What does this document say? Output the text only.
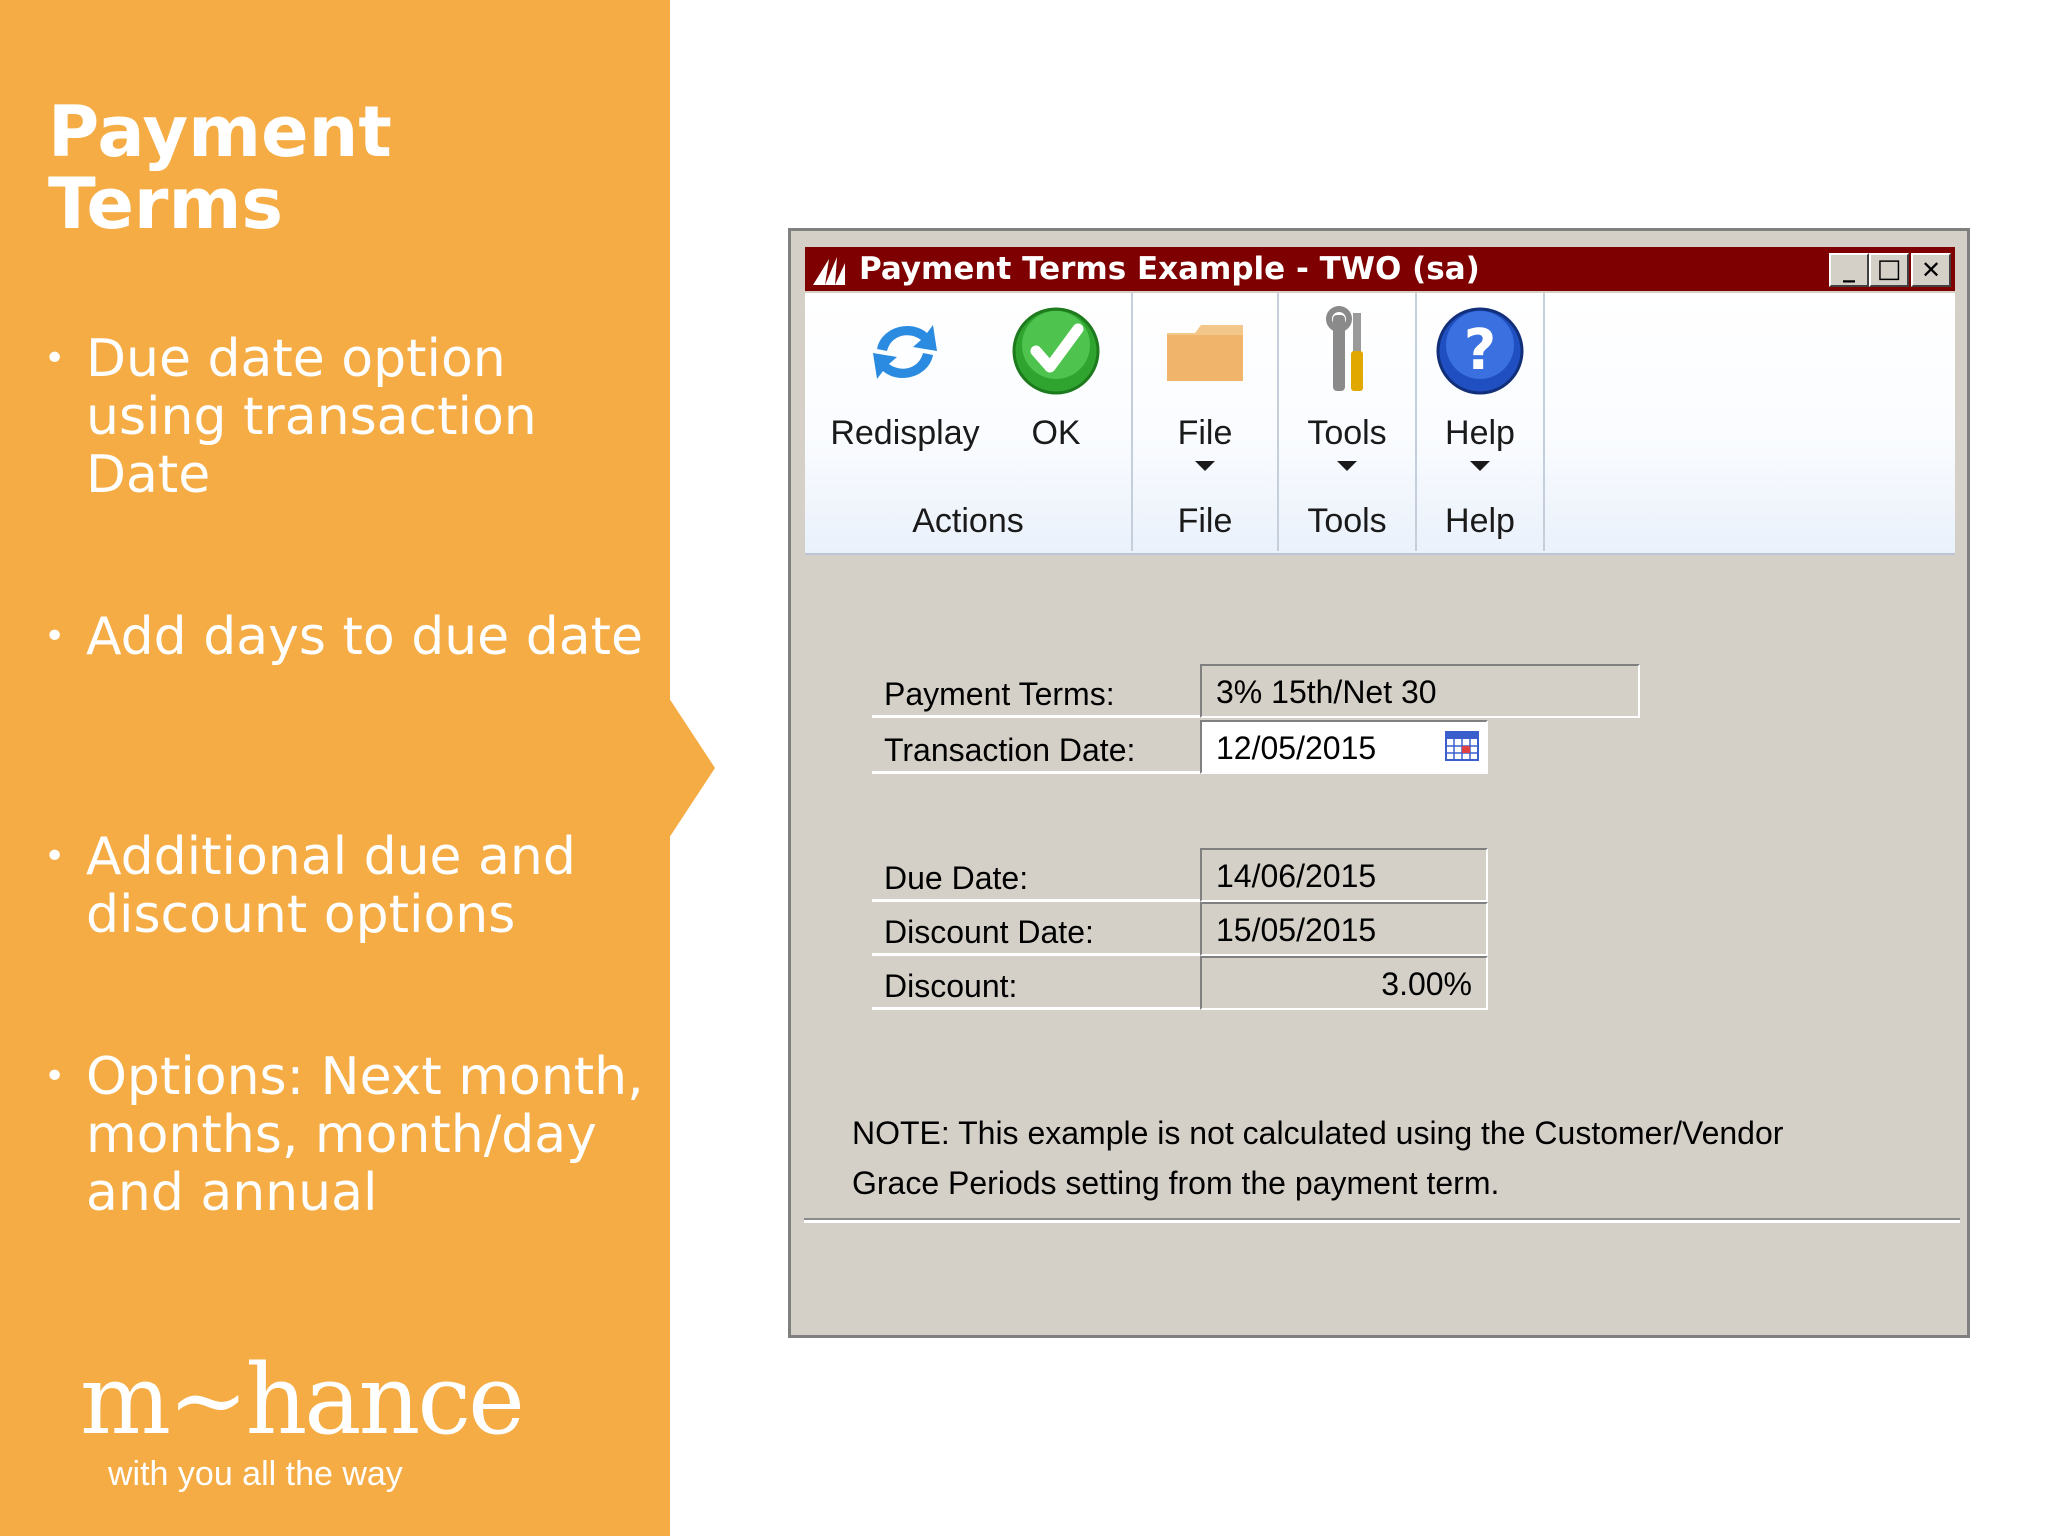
Payment
Terms
• Due date option using transaction Date
• Add days to due date
• Additional due and discount options
• Options: Next month, months, month/day and annual
m~hance
with you all the way
Payment Terms Example - TWO (sa)	_ □ ✕
Redisplay	OK
Actions
File
File
Tools
Tools
?
Help
Help
Payment Terms:	3% 15th/Net 30
Transaction Date:	12/05/2015
Due Date:	14/06/2015
Discount Date:	15/05/2015
Discount:	3.00%
NOTE: This example is not calculated using the Customer/Vendor
Grace Periods setting from the payment term.
